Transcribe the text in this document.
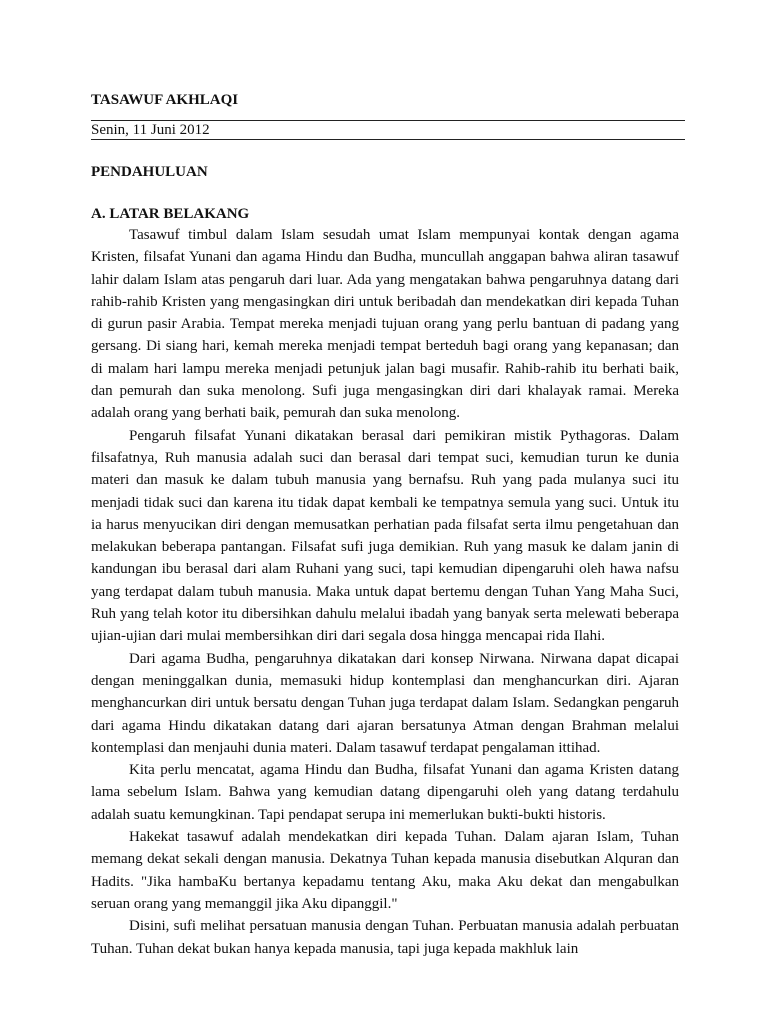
TASAWUF AKHLAQI

Senin, 11 Juni 2012

PENDAHULUAN

A. LATAR BELAKANG

Tasawuf timbul dalam Islam sesudah umat Islam mempunyai kontak dengan agama Kristen, filsafat Yunani dan agama Hindu dan Budha, muncullah anggapan bahwa aliran tasawuf lahir dalam Islam atas pengaruh dari luar. Ada yang mengatakan bahwa pengaruhnya datang dari rahib-rahib Kristen yang mengasingkan diri untuk beribadah dan mendekatkan diri kepada Tuhan di gurun pasir Arabia. Tempat mereka menjadi tujuan orang yang perlu bantuan di padang yang gersang. Di siang hari, kemah mereka menjadi tempat berteduh bagi orang yang kepanasan; dan di malam hari lampu mereka menjadi petunjuk jalan bagi musafir. Rahib-rahib itu berhati baik, dan pemurah dan suka menolong. Sufi juga mengasingkan diri dari khalayak ramai. Mereka adalah orang yang berhati baik, pemurah dan suka menolong.

Pengaruh filsafat Yunani dikatakan berasal dari pemikiran mistik Pythagoras. Dalam filsafatnya, Ruh manusia adalah suci dan berasal dari tempat suci, kemudian turun ke dunia materi dan masuk ke dalam tubuh manusia yang bernafsu. Ruh yang pada mulanya suci itu menjadi tidak suci dan karena itu tidak dapat kembali ke tempatnya semula yang suci. Untuk itu ia harus menyucikan diri dengan memusatkan perhatian pada filsafat serta ilmu pengetahuan dan melakukan beberapa pantangan. Filsafat sufi juga demikian. Ruh yang masuk ke dalam janin di kandungan ibu berasal dari alam Ruhani yang suci, tapi kemudian dipengaruhi oleh hawa nafsu yang terdapat dalam tubuh manusia. Maka untuk dapat bertemu dengan Tuhan Yang Maha Suci, Ruh yang telah kotor itu dibersihkan dahulu melalui ibadah yang banyak serta melewati beberapa ujian-ujian dari mulai membersihkan diri dari segala dosa hingga mencapai rida Ilahi.

Dari agama Budha, pengaruhnya dikatakan dari konsep Nirwana. Nirwana dapat dicapai dengan meninggalkan dunia, memasuki hidup kontemplasi dan menghancurkan diri. Ajaran menghancurkan diri untuk bersatu dengan Tuhan juga terdapat dalam Islam. Sedangkan pengaruh dari agama Hindu dikatakan datang dari ajaran bersatunya Atman dengan Brahman melalui kontemplasi dan menjauhi dunia materi. Dalam tasawuf terdapat pengalaman ittihad.

Kita perlu mencatat, agama Hindu dan Budha, filsafat Yunani dan agama Kristen datang lama sebelum Islam. Bahwa yang kemudian datang dipengaruhi oleh yang datang terdahulu adalah suatu kemungkinan. Tapi pendapat serupa ini memerlukan bukti-bukti historis.

Hakekat tasawuf adalah mendekatkan diri kepada Tuhan. Dalam ajaran Islam, Tuhan memang dekat sekali dengan manusia. Dekatnya Tuhan kepada manusia disebutkan Alquran dan Hadits. "Jika hambaKu bertanya kepadamu tentang Aku, maka Aku dekat dan mengabulkan seruan orang yang memanggil jika Aku dipanggil."

Disini, sufi melihat persatuan manusia dengan Tuhan. Perbuatan manusia adalah perbuatan Tuhan. Tuhan dekat bukan hanya kepada manusia, tapi juga kepada makhluk lain
